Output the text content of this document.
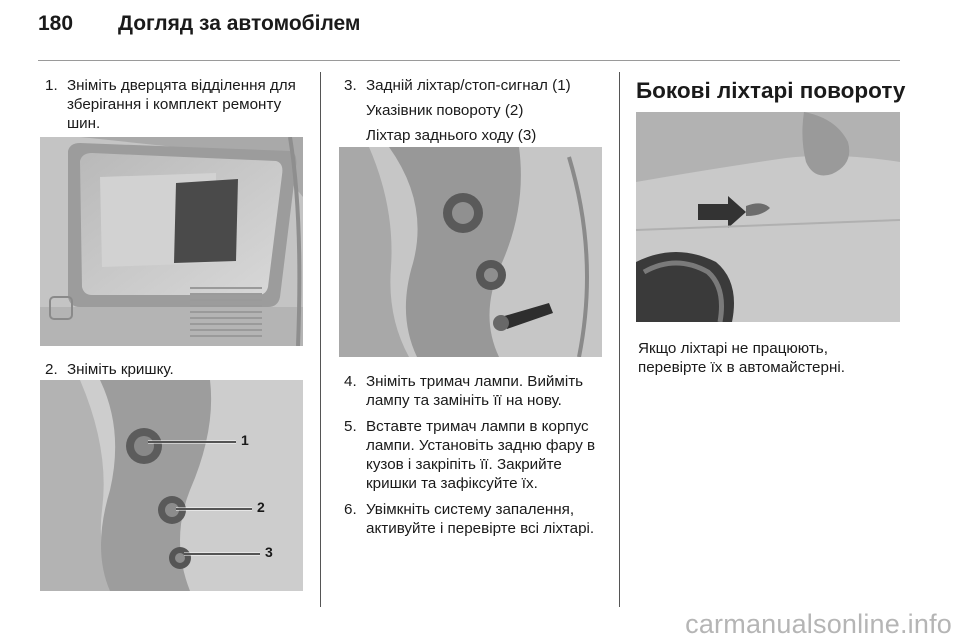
180 Догляд за автомобілем

1. Зніміть дверцята відділення для зберігання і комплект ремонту шин.

2. Зніміть кришку.

1
2
3

3. Задній ліхтар/стоп-сигнал (1)

Указівник повороту (2)

Ліхтар заднього ходу (3)

4. Зніміть тримач лампи. Вийміть лампу та замініть її на нову.

5. Вставте тримач лампи в корпус лампи. Установіть задню фару в кузов і закріпіть її. Закрийте кришки та зафіксуйте їх.

6. Увімкніть систему запалення, активуйте і перевірте всі ліхтарі.

Бокові ліхтарі повороту

Якщо ліхтарі не працюють, перевірте їх в автомайстерні.

carmanualsonline.info
